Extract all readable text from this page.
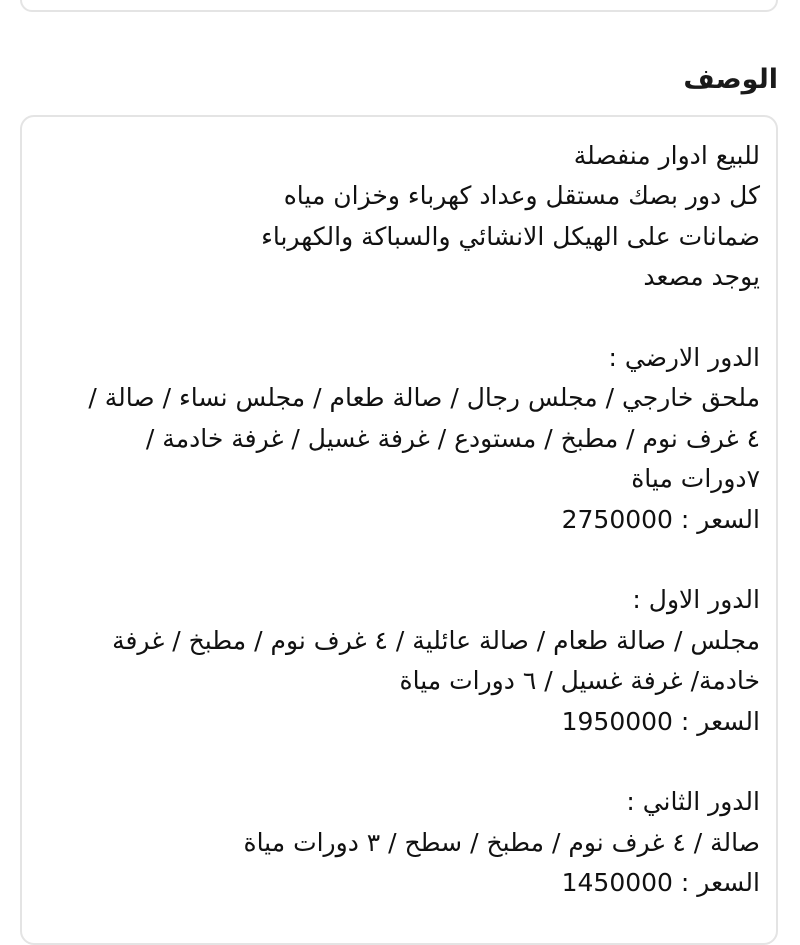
الوصف
للبيع ادوار منفصلة
كل دور بصك مستقل وعداد كهرباء وخزان مياه
ضمانات على الهيكل الانشائي والسباكة والكهرباء
يوجد مصعد
الدور الارضي :
ملحق خارجي / مجلس رجال / صالة طعام / مجلس نساء / صالة /
٤ غرف نوم / مطبخ / مستودع / غرفة غسيل / غرفة خادمة /
٧دورات مياة
السعر : 2750000
الدور الاول :
مجلس / صالة طعام / صالة عائلية / ٤ غرف نوم / مطبخ / غرفة
خادمة/ غرفة غسيل / ٦ دورات مياة
السعر : 1950000
الدور الثاني :
صالة / ٤ غرف نوم / مطبخ / سطح / ٣ دورات مياة
السعر : 1450000
